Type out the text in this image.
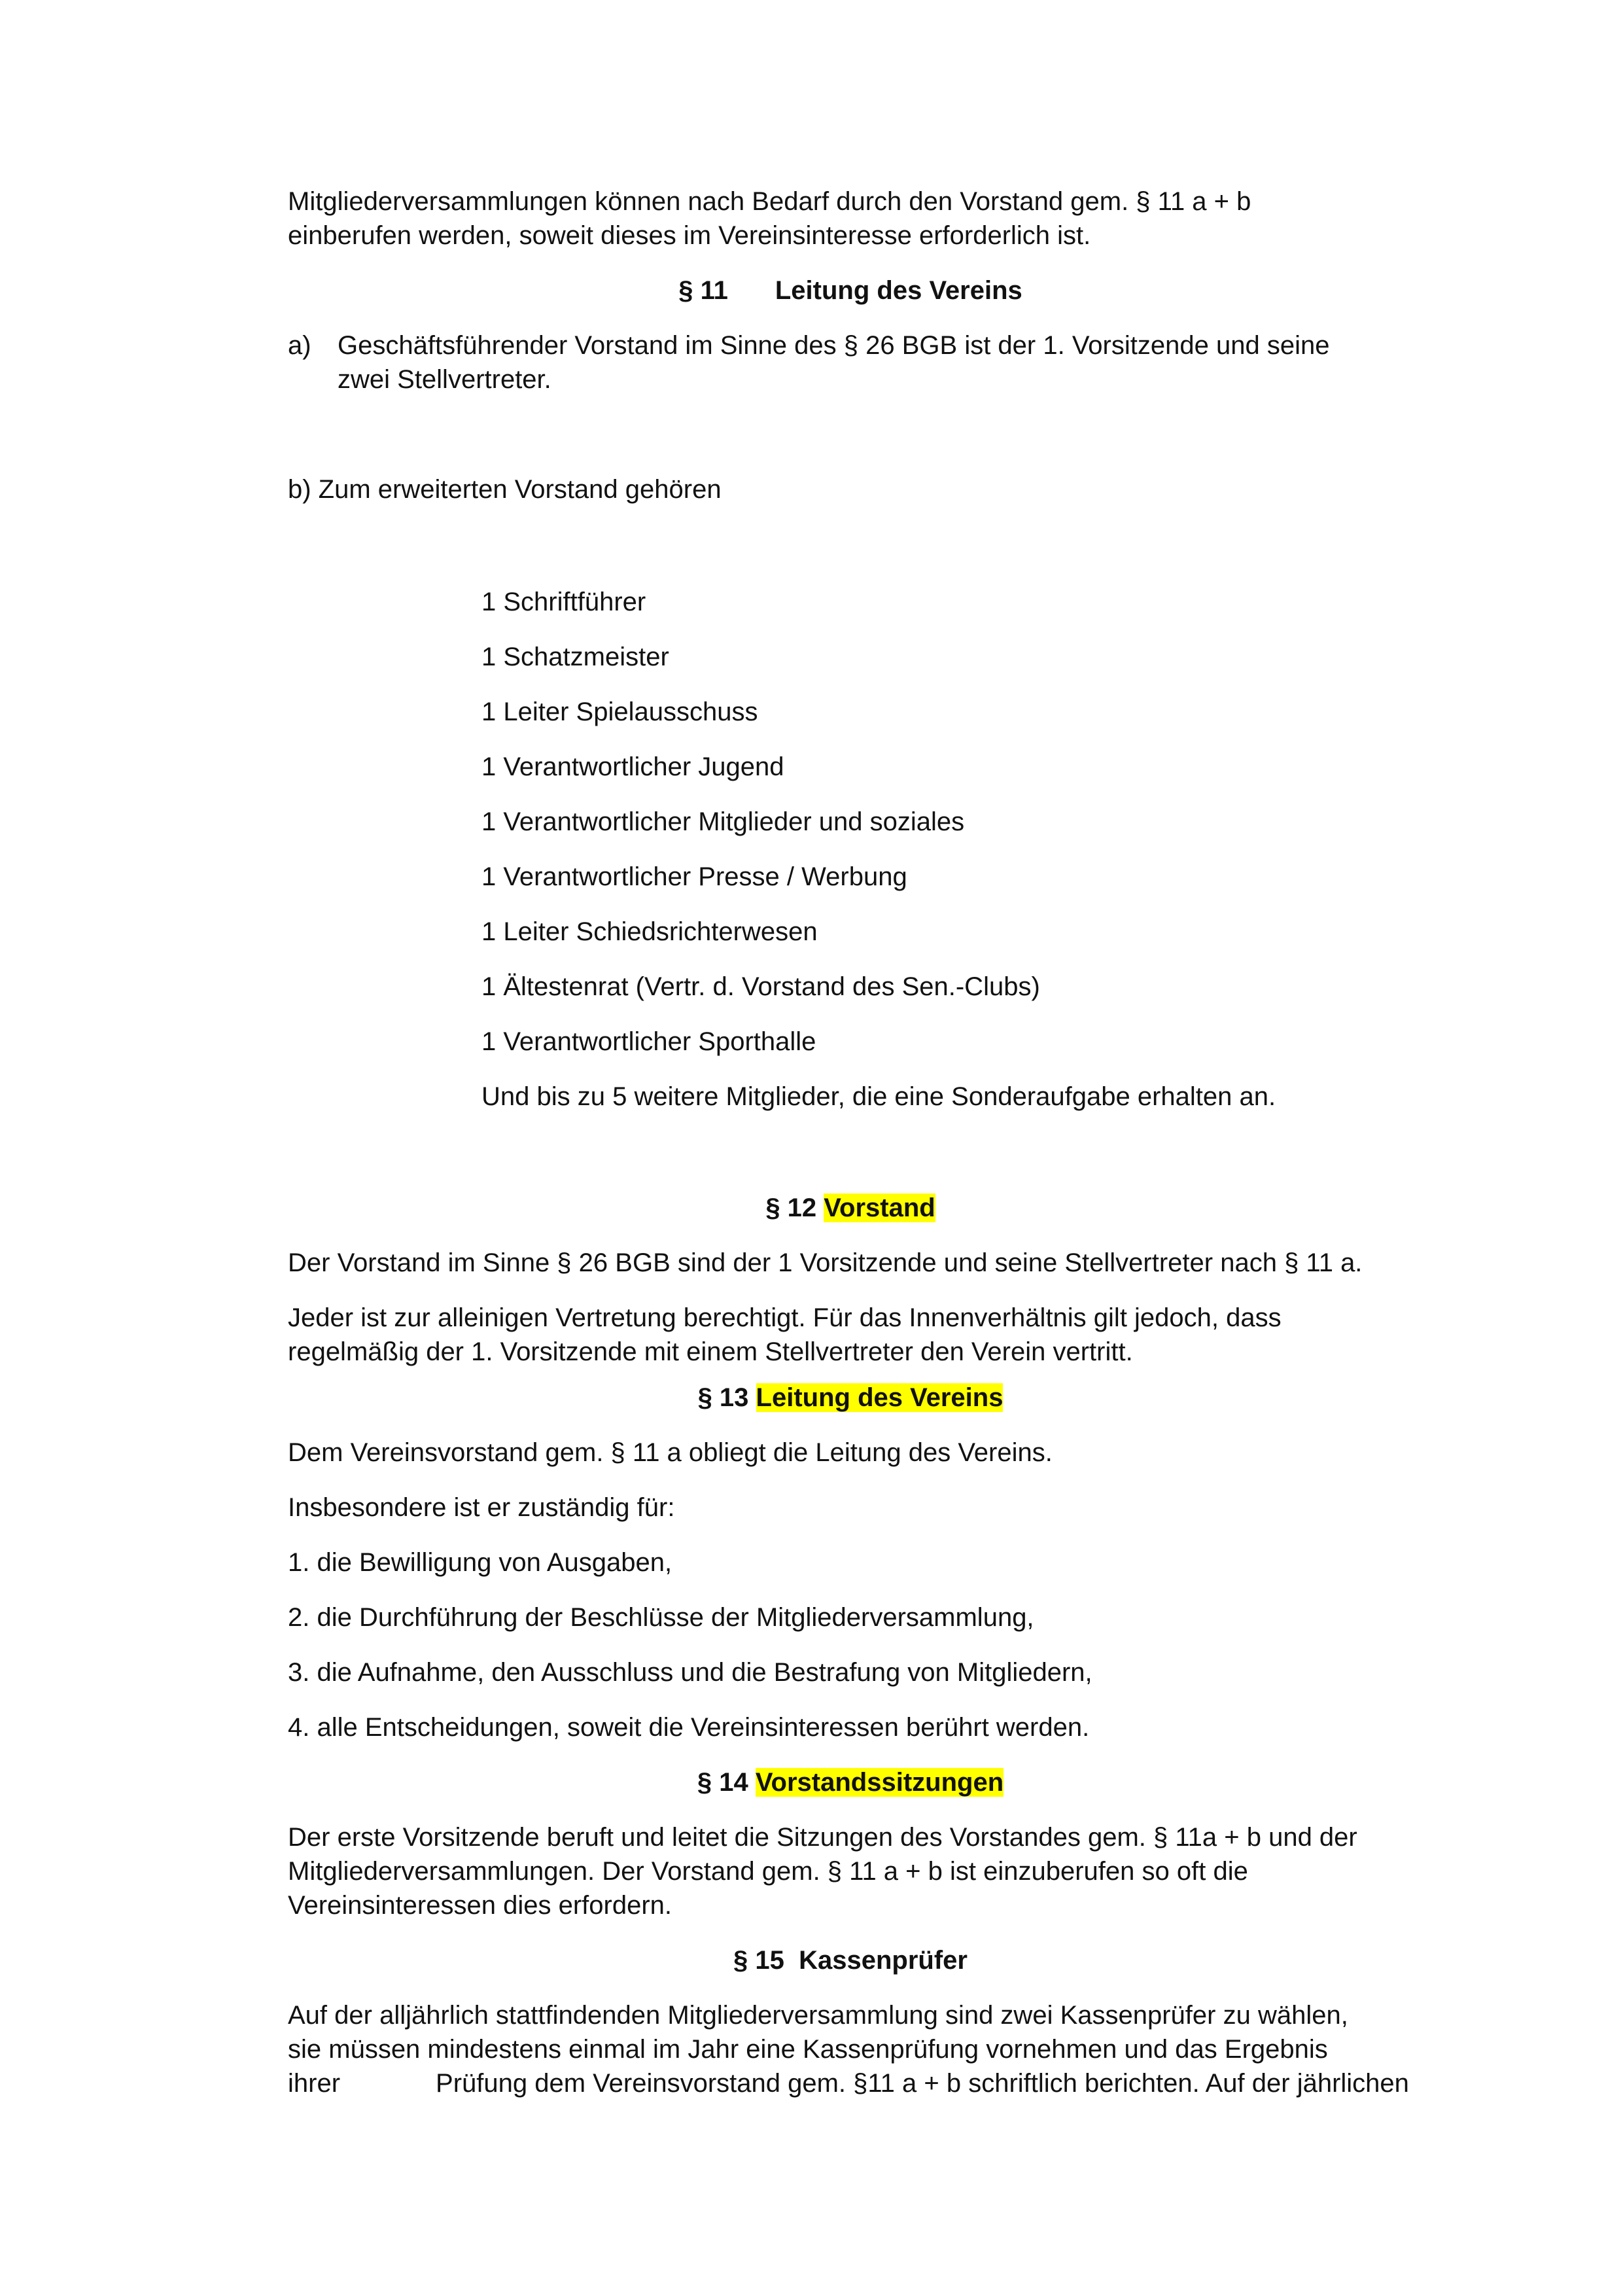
Mitgliederversammlungen können nach Bedarf durch den Vorstand gem. § 11 a + b
einberufen werden, soweit dieses im Vereinsinteresse erforderlich ist.

§ 11 Leitung des Vereins

a)	Geschäftsführender Vorstand im Sinne des § 26 BGB ist der 1. Vorsitzende und seine
zwei Stellvertreter.

b) Zum erweiterten Vorstand gehören

1 Schriftführer

1 Schatzmeister

1 Leiter Spielausschuss

1 Verantwortlicher Jugend

1 Verantwortlicher Mitglieder und soziales

1 Verantwortlicher Presse / Werbung

1 Leiter Schiedsrichterwesen

1 Ältestenrat (Vertr. d. Vorstand des Sen.-Clubs)

1 Verantwortlicher Sporthalle

Und bis zu 5 weitere Mitglieder, die eine Sonderaufgabe erhalten an.

§ 12 Vorstand

Der Vorstand im Sinne § 26 BGB sind der 1 Vorsitzende und seine Stellvertreter nach § 11 a.

Jeder ist zur alleinigen Vertretung berechtigt. Für das Innenverhältnis gilt jedoch, dass
regelmäßig der 1. Vorsitzende mit einem Stellvertreter den Verein vertritt.

§ 13 Leitung des Vereins

Dem Vereinsvorstand gem. § 11 a obliegt die Leitung des Vereins.

Insbesondere ist er zuständig für:

1. die Bewilligung von Ausgaben,

2. die Durchführung der Beschlüsse der Mitgliederversammlung,

3. die Aufnahme, den Ausschluss und die Bestrafung von Mitgliedern,

4. alle Entscheidungen, soweit die Vereinsinteressen berührt werden.

§ 14 Vorstandssitzungen

Der erste Vorsitzende beruft und leitet die Sitzungen des Vorstandes gem. § 11a + b und der
Mitgliederversammlungen. Der Vorstand gem. § 11 a + b ist einzuberufen so oft die
Vereinsinteressen dies erfordern.

§ 15 Kassenprüfer

Auf der alljährlich stattfindenden Mitgliederversammlung sind zwei Kassenprüfer zu wählen,
sie müssen mindestens einmal im Jahr eine Kassenprüfung vornehmen und das Ergebnis
ihrer	Prüfung dem Vereinsvorstand gem. §11 a + b schriftlich berichten. Auf der jährlichen
